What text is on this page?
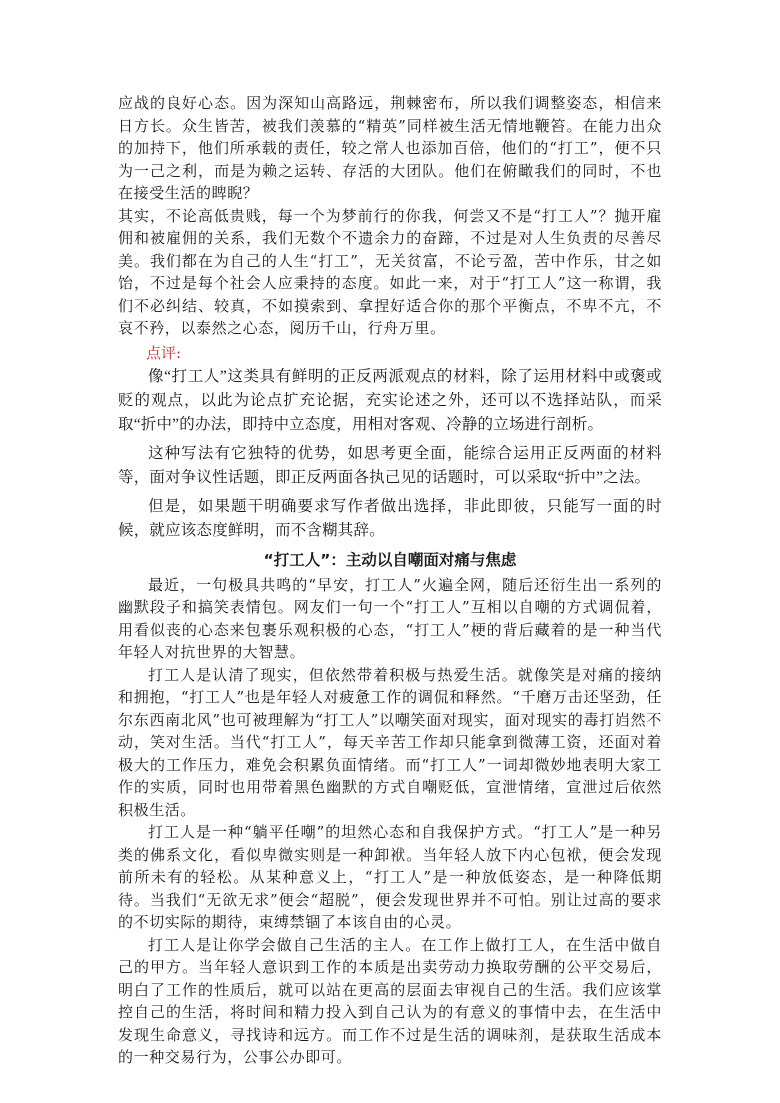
应战的良好心态。因为深知山高路远，荆棘密布，所以我们调整姿态，相信来日方长。众生皆苦，被我们羡慕的“精英”同样被生活无情地鞭笞。在能力出众的加持下，他们所承载的责任，较之常人也添加百倍，他们的“打工”，便不只为一己之利，而是为赖之运转、存活的大团队。他们在俯瞰我们的同时，不也在接受生活的睥睨？

其实，不论高低贵贱，每一个为梦前行的你我，何尝又不是“打工人”？抛开雇佣和被雇佣的关系，我们无数个不遗余力的奋蹄，不过是对人生负责的尽善尽美。我们都在为自己的人生“打工”，无关贫富，不论亏盈，苦中作乐，甘之如饴，不过是每个社会人应秉持的态度。如此一来，对于“打工人”这一称谓，我们不必纠结、较真，不如摸索到、拿捏好适合你的那个平衡点，不卑不亢，不哀不矜，以泰然之心态，阅历千山，行舟万里。

点评:

像“打工人”这类具有鲜明的正反两派观点的材料，除了运用材料中或褒或贬的观点，以此为论点扩充论据，充实论述之外，还可以不选择站队，而采取“折中”的办法，即持中立态度，用相对客观、冷静的立场进行剖析。

这种写法有它独特的优势，如思考更全面，能综合运用正反两面的材料等，面对争议性话题，即正反两面各执己见的话题时，可以采取“折中”之法。

但是，如果题干明确要求写作者做出选择，非此即彼，只能写一面的时候，就应该态度鲜明，而不含糊其辞。

“打工人”：主动以自嘲面对痛与焦虑

最近，一句极具共鸣的“早安，打工人”火遍全网，随后还衍生出一系列的幽默段子和搞笑表情包。网友们一句一个“打工人”互相以自嘲的方式调侃着，用看似丧的心态来包裹乐观积极的心态，“打工人”梗的背后藏着的是一种当代年轻人对抗世界的大智慧。

打工人是认清了现实，但依然带着积极与热爱生活。就像笑是对痛的接纳和拥抱，“打工人”也是年轻人对疲惫工作的调侃和释然。“千磨万击还坚劲，任尔东西南北风”也可被理解为“打工人”以嘲笑面对现实，面对现实的毒打岿然不动，笑对生活。当代“打工人”，每天辛苦工作却只能拿到微薄工资，还面对着极大的工作压力，难免会积累负面情绪。而“打工人”一词却微妙地表明大家工作的实质，同时也用带着黑色幽默的方式自嘲贬低，宣泄情绪，宣泄过后依然积极生活。

打工人是一种“躺平任嘲”的坦然心态和自我保护方式。“打工人”是一种另类的佛系文化，看似卑微实则是一种卸袱。当年轻人放下内心包袱，便会发现前所未有的轻松。从某种意义上，“打工人”是一种放低姿态，是一种降低期待。当我们“无欲无求”便会“超脱”，便会发现世界并不可怕。别让过高的要求的不切实际的期待，束缚禁锢了本该自由的心灵。

打工人是让你学会做自己生活的主人。在工作上做打工人，在生活中做自己的甲方。当年轻人意识到工作的本质是出卖劳动力换取劳酬的公平交易后，明白了工作的性质后，就可以站在更高的层面去审视自己的生活。我们应该掌控自己的生活，将时间和精力投入到自己认为的有意义的事情中去，在生活中发现生命意义，寻找诗和远方。而工作不过是生活的调味剂，是获取生活成本的一种交易行为，公事公办即可。
